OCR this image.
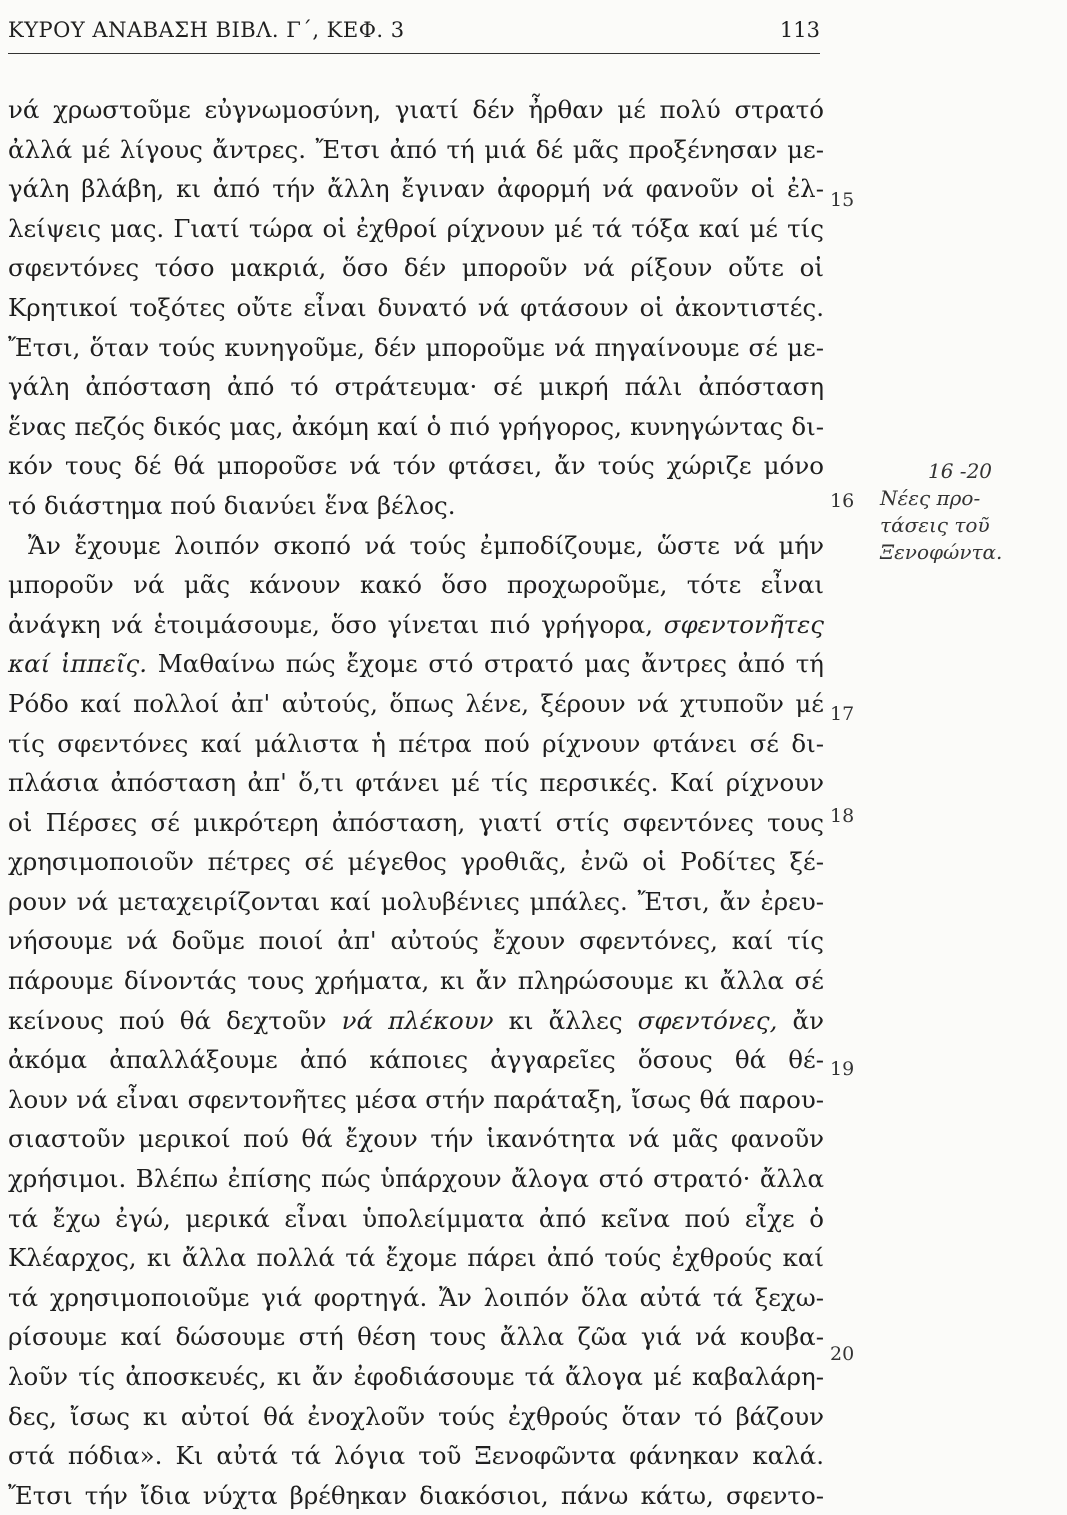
ΚΥΡΟΥ ΑΝΑΒΑΣΗ ΒΙΒΛ. Γ΄, ΚΕΦ. 3	113
νά χρωστοῦμε εὐγνωμοσύνη, γιατί δέν ἦρθαν μέ πολύ στρατό
ἀλλά μέ λίγους ἄντρες. Ἔτσι ἀπό τή μιά δέ μᾶς προξένησαν με-
γάλη βλάβη, κι ἀπό τήν ἄλλη ἔγιναν ἀφορμή νά φανοῦν οἱ ἐλ-
λείψεις μας. Γιατί τώρα οἱ ἐχθροί ρίχνουν μέ τά τόξα καί μέ τίς
σφεντόνες τόσο μακριά, ὅσο δέν μποροῦν νά ρίξουν οὔτε οἱ
Κρητικοί τοξότες οὔτε εἶναι δυνατό νά φτάσουν οἱ ἀκοντιστές.
Ἔτσι, ὅταν τούς κυνηγοῦμε, δέν μποροῦμε νά πηγαίνουμε σέ με-
γάλη ἀπόσταση ἀπό τό στράτευμα· σέ μικρή πάλι ἀπόσταση
ἕνας πεζός δικός μας, ἀκόμη καί ὁ πιό γρήγορος, κυνηγώντας δι-
κόν τους δέ θά μποροῦσε νά τόν φτάσει, ἄν τούς χώριζε μόνο
τό διάστημα πού διανύει ἕνα βέλος.
Ἄν ἔχουμε λοιπόν σκοπό νά τούς ἐμποδίζουμε, ὥστε νά μήν
μποροῦν νά μᾶς κάνουν κακό ὅσο προχωροῦμε, τότε εἶναι
ἀνάγκη νά ἑτοιμάσουμε, ὅσο γίνεται πιό γρήγορα, σφεντονῆτες
καί ἱππεῖς. Μαθαίνω πώς ἔχομε στό στρατό μας ἄντρες ἀπό τή
Ρόδο καί πολλοί ἀπ' αὐτούς, ὅπως λένε, ξέρουν νά χτυποῦν μέ
τίς σφεντόνες καί μάλιστα ἡ πέτρα πού ρίχνουν φτάνει σέ δι-
πλάσια ἀπόσταση ἀπ' ὅ,τι φτάνει μέ τίς περσικές. Καί ρίχνουν
οἱ Πέρσες σέ μικρότερη ἀπόσταση, γιατί στίς σφεντόνες τους
χρησιμοποιοῦν πέτρες σέ μέγεθος γροθιᾶς, ἐνῶ οἱ Ροδίτες ξέ-
ρουν νά μεταχειρίζονται καί μολυβένιες μπάλες. Ἔτσι, ἄν ἐρευ-
νήσουμε νά δοῦμε ποιοί ἀπ' αὐτούς ἔχουν σφεντόνες, καί τίς
πάρουμε δίνοντάς τους χρήματα, κι ἄν πληρώσουμε κι ἄλλα σέ
κείνους πού θά δεχτοῦν νά πλέκουν κι ἄλλες σφεντόνες, ἄν
ἀκόμα ἀπαλλάξουμε ἀπό κάποιες ἀγγαρεῖες ὅσους θά θέ-
λουν νά εἶναι σφεντονῆτες μέσα στήν παράταξη, ἴσως θά παρου-
σιαστοῦν μερικοί πού θά ἔχουν τήν ἱκανότητα νά μᾶς φανοῦν
χρήσιμοι. Βλέπω ἐπίσης πώς ὑπάρχουν ἄλογα στό στρατό· ἄλλα
τά ἔχω ἐγώ, μερικά εἶναι ὑπολείμματα ἀπό κεῖνα πού εἶχε ὁ
Κλέαρχος, κι ἄλλα πολλά τά ἔχομε πάρει ἀπό τούς ἐχθρούς καί
τά χρησιμοποιοῦμε γιά φορτηγά. Ἄν λοιπόν ὅλα αὐτά τά ξεχω-
ρίσουμε καί δώσουμε στή θέση τους ἄλλα ζῶα γιά νά κουβα-
λοῦν τίς ἀποσκευές, κι ἄν ἐφοδιάσουμε τά ἄλογα μέ καβαλάρη-
δες, ἴσως κι αὐτοί θά ἐνοχλοῦν τούς ἐχθρούς ὅταν τό βάζουν
στά πόδια». Κι αὐτά τά λόγια τοῦ Ξενοφῶντα φάνηκαν καλά.
Ἔτσι τήν ἴδια νύχτα βρέθηκαν διακόσιοι, πάνω κάτω, σφεντο-
15
16
17
18
19
20
16 -20
Νέες προ-
τάσεις τοῦ
Ξενοφώντα.
